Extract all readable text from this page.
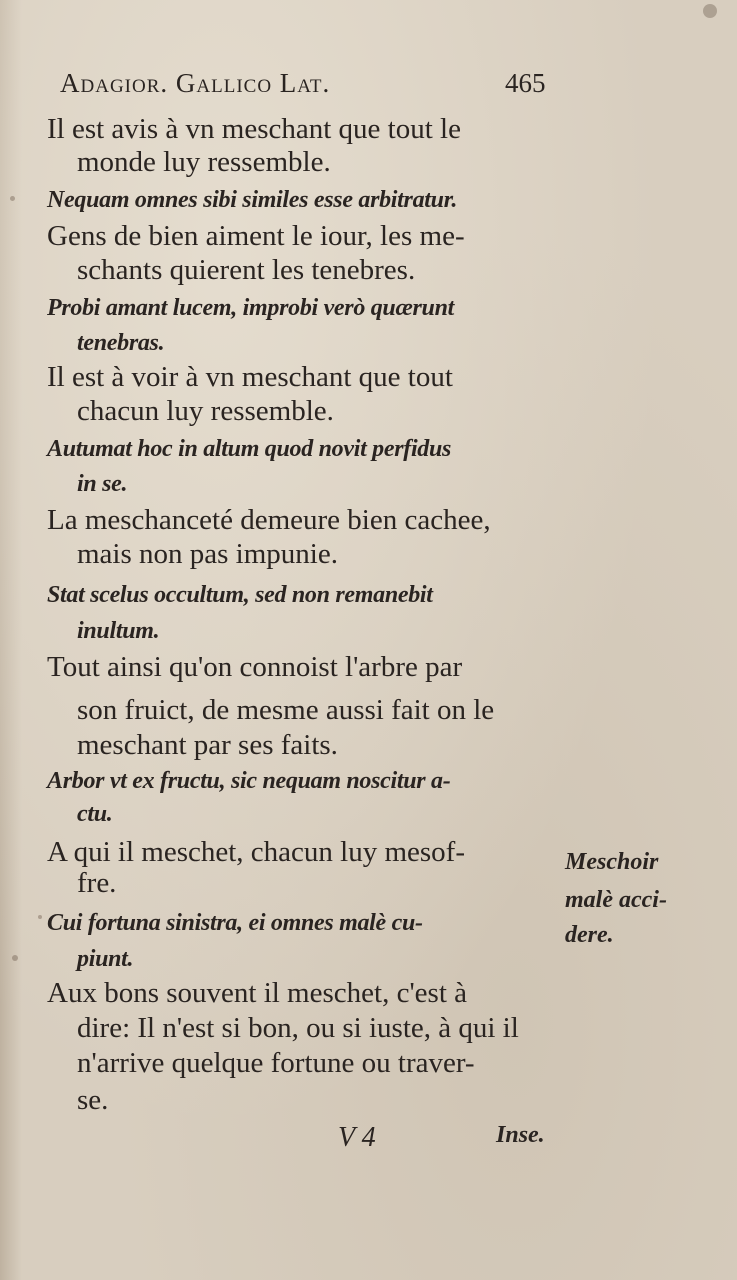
Adagior. Gallico Lat.	465
Il est avis à vn meschant que tout le
monde luy ressemble.
Nequam omnes sibi similes esse arbitratur.
Gens de bien aiment le iour, les me-
schants quierent les tenebres.
Probi amant lucem, improbi verò quærunt
tenebras.
Il est à voir à vn meschant que tout
chacun luy ressemble.
Autumat hoc in altum quod novit perfidus
in se.
La meschanceté demeure bien cachee,
mais non pas impunie.
Stat scelus occultum, sed non remanebit
inultum.
Tout ainsi qu'on connoist l'arbre par
son fruict, de mesme aussi fait on le
meschant par ses faits.
Arbor vt ex fructu, sic nequam noscitur a-
ctu.
A qui il meschet, chacun luy mesof-
fre.
Cui fortuna sinistra, ei omnes malè cu-
piunt.
Aux bons souvent il meschet, c'est à
dire: Il n'est si bon, ou si iuste, à qui il
n'arrive quelque fortune ou traver-
se.
Meschoir
malè acci-
dere.
V 4	Inse.
